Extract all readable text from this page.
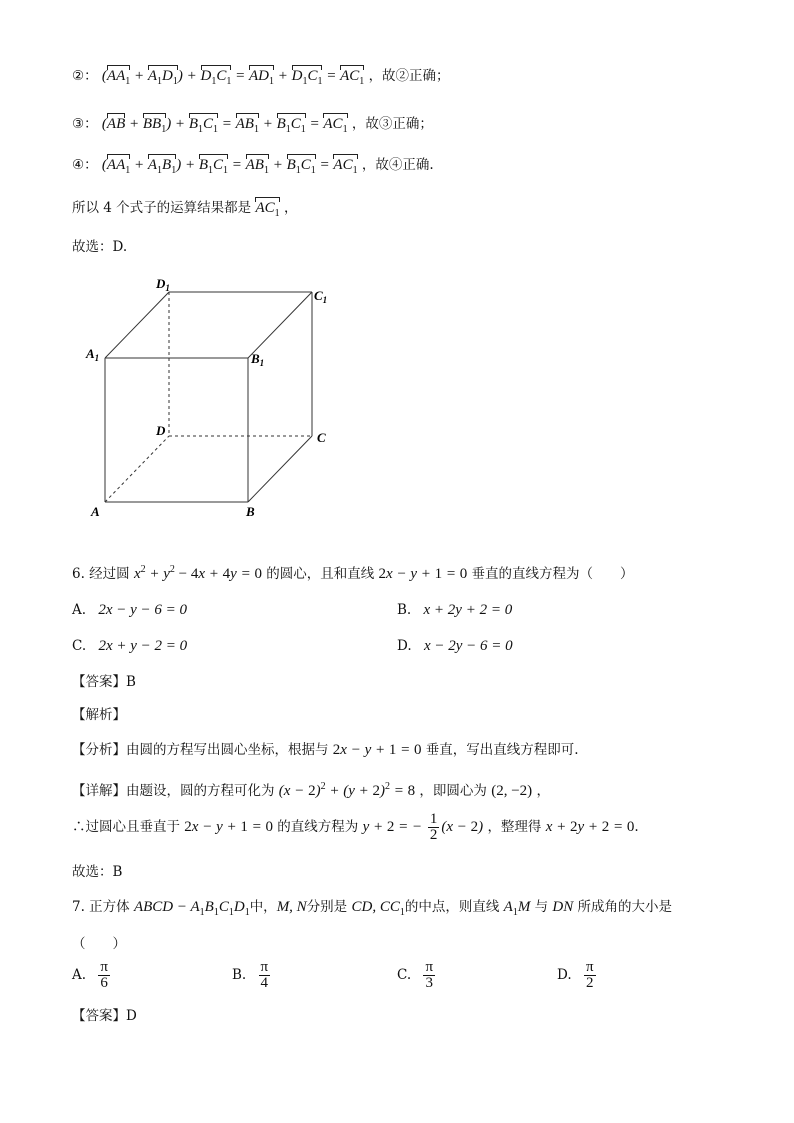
②： $(AA_1 + A_1D_1) + D_1C_1 = AD_1 + D_1C_1 = AC_1$ ，故②正确；
③： $(AB + BB_1) + B_1C_1 = AB_1 + B_1C_1 = AC_1$ ，故③正确；
④： $(AA_1 + A_1B_1) + B_1C_1 = AB_1 + B_1C_1 = AC_1$ ，故④正确.
所以 4 个式子的运算结果都是 $AC_1$ ，
故选：D.
$D_1$	$C_1$
$A_1$	$B_1$
D	C
A	B
6. 经过圆 $x^2 + y^2 - 4x + 4y = 0$ 的圆心，且和直线 2x − y + 1 = 0 垂直的直线方程为（　　）
A. 2x − y − 6 = 0	B. x + 2y + 2 = 0
C. 2x + y − 2 = 0	D. x − 2y − 6 = 0
【答案】B
【解析】
【分析】由圆的方程写出圆心坐标，根据与 2x − y + 1 = 0 垂直，写出直线方程即可.
【详解】由题设，圆的方程可化为 $(x - 2)^2 + (y + 2)^2 = 8$ ，即圆心为 (2, −2) ，
∴过圆心且垂直于 2x − y + 1 = 0 的直线方程为 y + 2 = − $\frac{1}{2} (x - 2)$ ，整理得 x + 2y + 2 = 0.
故选：B
7. 正方体 ABCD − $A_1B_1C_1D_1$中，M, N分别是 CD, $CC_1$的中点，则直线 $A_1M$ 与 DN 所成角的大小是
（　　）
A. $\frac{\pi}{6}$	B. $\frac{\pi}{4}$	C. $\frac{\pi}{3}$	D. $\frac{\pi}{2}$
【答案】D
